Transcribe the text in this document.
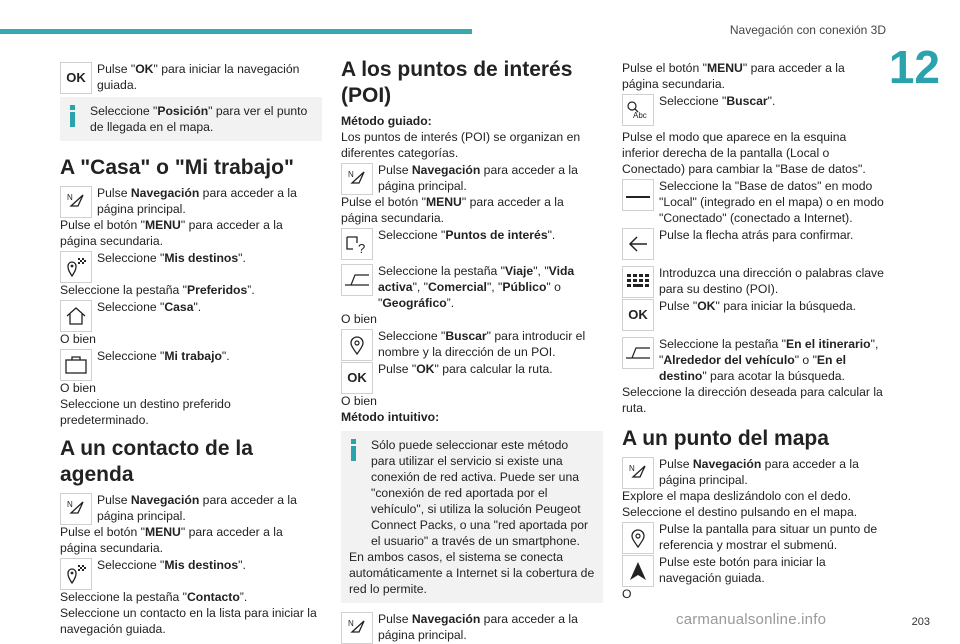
Navegación con conexión 3D
12
OK
Pulse "OK" para iniciar la navegación guiada.
Seleccione "Posición" para ver el punto de llegada en el mapa.
A "Casa" o "Mi trabajo"
N Pulse Navegación para acceder a la página principal.

Pulse el botón "MENU" para acceder a la página secundaria.

Seleccione "Mis destinos".

Seleccione la pestaña "Preferidos”.

Seleccione "Casa".

O bien

Seleccione "Mi trabajo".

O bien

Seleccione un destino preferido predeterminado.

A un contacto de la agenda
N Pulse Navegación para acceder a la página principal.

Pulse el botón "MENU" para acceder a la página secundaria.

Seleccione "Mis destinos".

Seleccione la pestaña "Contacto”.

Seleccione un contacto en la lista para iniciar la navegación guiada.

A los puntos de interés (POI)

Método guiado:

Los puntos de interés (POI) se organizan en diferentes categorías.

N Pulse Navegación para acceder a la página principal.

Pulse el botón "MENU" para acceder a la página secundaria.

?
Seleccione "Puntos de interés".
Seleccione la pestaña "Viaje", "Vida activa", "Comercial", "Público" o "Geográfico”.

O bien

Seleccione "Buscar" para introducir el nombre y la dirección de un POI.
OK
Pulse "OK" para calcular la ruta.

O bien

Método intuitivo:

Sólo puede seleccionar este método para utilizar el servicio si existe una conexión de red activa. Puede ser una "conexión de red aportada por el vehículo", si utiliza la solución Peugeot Connect Packs, o una "red aportada por el usuario" a través de un smartphone.
En ambos casos, el sistema se conecta automáticamente a Internet si la cobertura de red lo permite.
N Pulse Navegación para acceder a la página principal.

Pulse el botón "MENU" para acceder a la página secundaria.

Abc
Seleccione "Buscar".

Pulse el modo que aparece en la esquina inferior derecha de la pantalla (Local o Conectado) para cambiar la "Base de datos".

Seleccione la "Base de datos" en modo "Local" (integrado en el mapa) o en modo "Conectado" (conectado a Internet).
Pulse la flecha atrás para confirmar.
Introduzca una dirección o palabras clave para su destino (POI).
OK
Pulse "OK" para iniciar la búsqueda.
Seleccione la pestaña "En el itinerario", "Alrededor del vehículo" o "En el destino" para acotar la búsqueda.

Seleccione la dirección deseada para calcular la ruta.

A un punto del mapa
N Pulse Navegación para acceder a la página principal.

Explore el mapa deslizándolo con el dedo.

Seleccione el destino pulsando en el mapa.

Pulse la pantalla para situar un punto de referencia y mostrar el submenú.
Pulse este botón para iniciar la navegación guiada.

O

carmanualsonline.info	203
